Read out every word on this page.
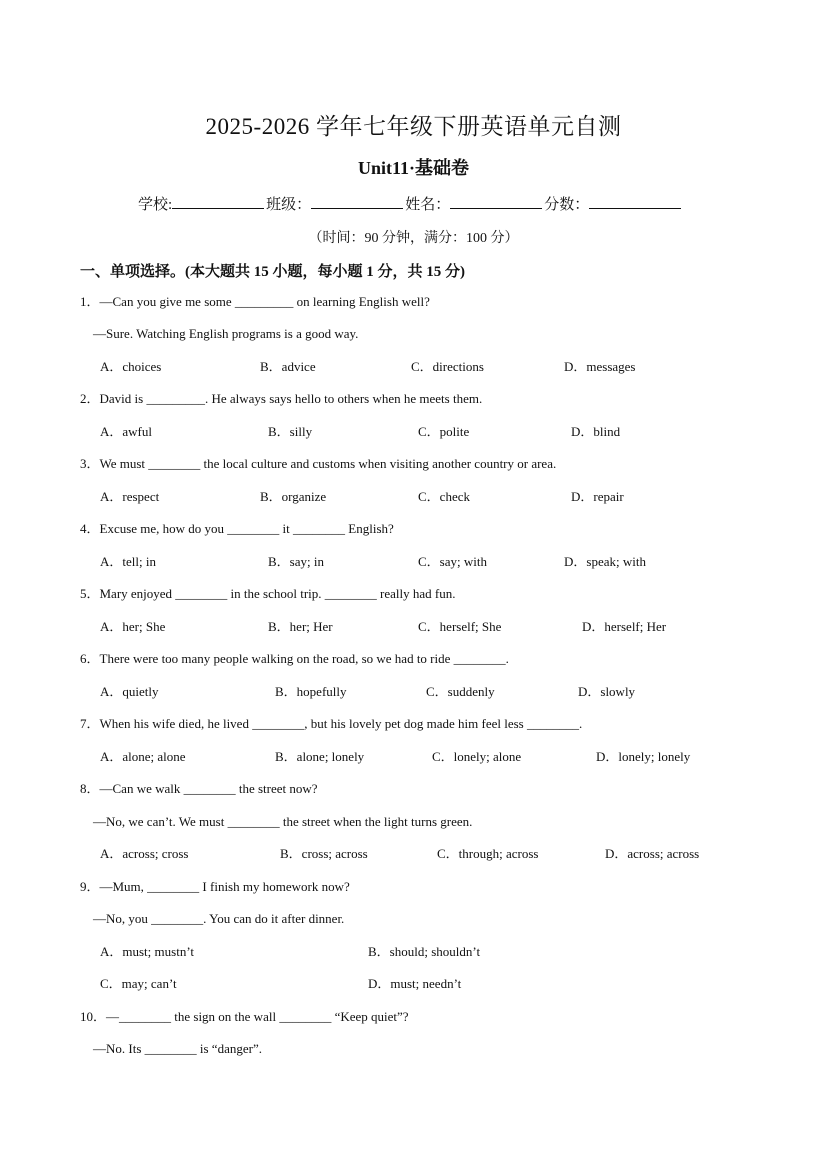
2025-2026 学年七年级下册英语单元自测
Unit11·基础卷
学校:	班级：	姓名：	分数：
（时间：90 分钟，满分：100 分）
一、单项选择。(本大题共 15 小题，每小题 1 分，共 15 分)
1．—Can you give me some _________ on learning English well?
—Sure. Watching English programs is a good way.
A．choices	B．advice	C．directions	D．messages
2．David is _________. He always says hello to others when he meets them.
A．awful	B．silly	C．polite	D．blind
3．We must ________ the local culture and customs when visiting another country or area.
A．respect	B．organize	C．check	D．repair
4．Excuse me, how do you ________ it ________ English?
A．tell; in	B．say; in	C．say; with	D．speak; with
5．Mary enjoyed ________ in the school trip. ________ really had fun.
A．her; She	B．her; Her	C．herself; She	D．herself; Her
6．There were too many people walking on the road, so we had to ride ________.
A．quietly	B．hopefully	C．suddenly	D．slowly
7．When his wife died, he lived ________, but his lovely pet dog made him feel less ________.
A．alone; alone	B．alone; lonely	C．lonely; alone	D．lonely; lonely
8．—Can we walk ________ the street now?
—No, we can’t. We must ________ the street when the light turns green.
A．across; cross	B．cross; across	C．through; across	D．across; across
9．—Mum, ________ I finish my homework now?
—No, you ________. You can do it after dinner.
A．must; mustn’t	B．should; shouldn’t
C．may; can’t	D．must; needn’t
10．—________ the sign on the wall ________ “Keep quiet”?
—No. Its ________ is “danger”.
